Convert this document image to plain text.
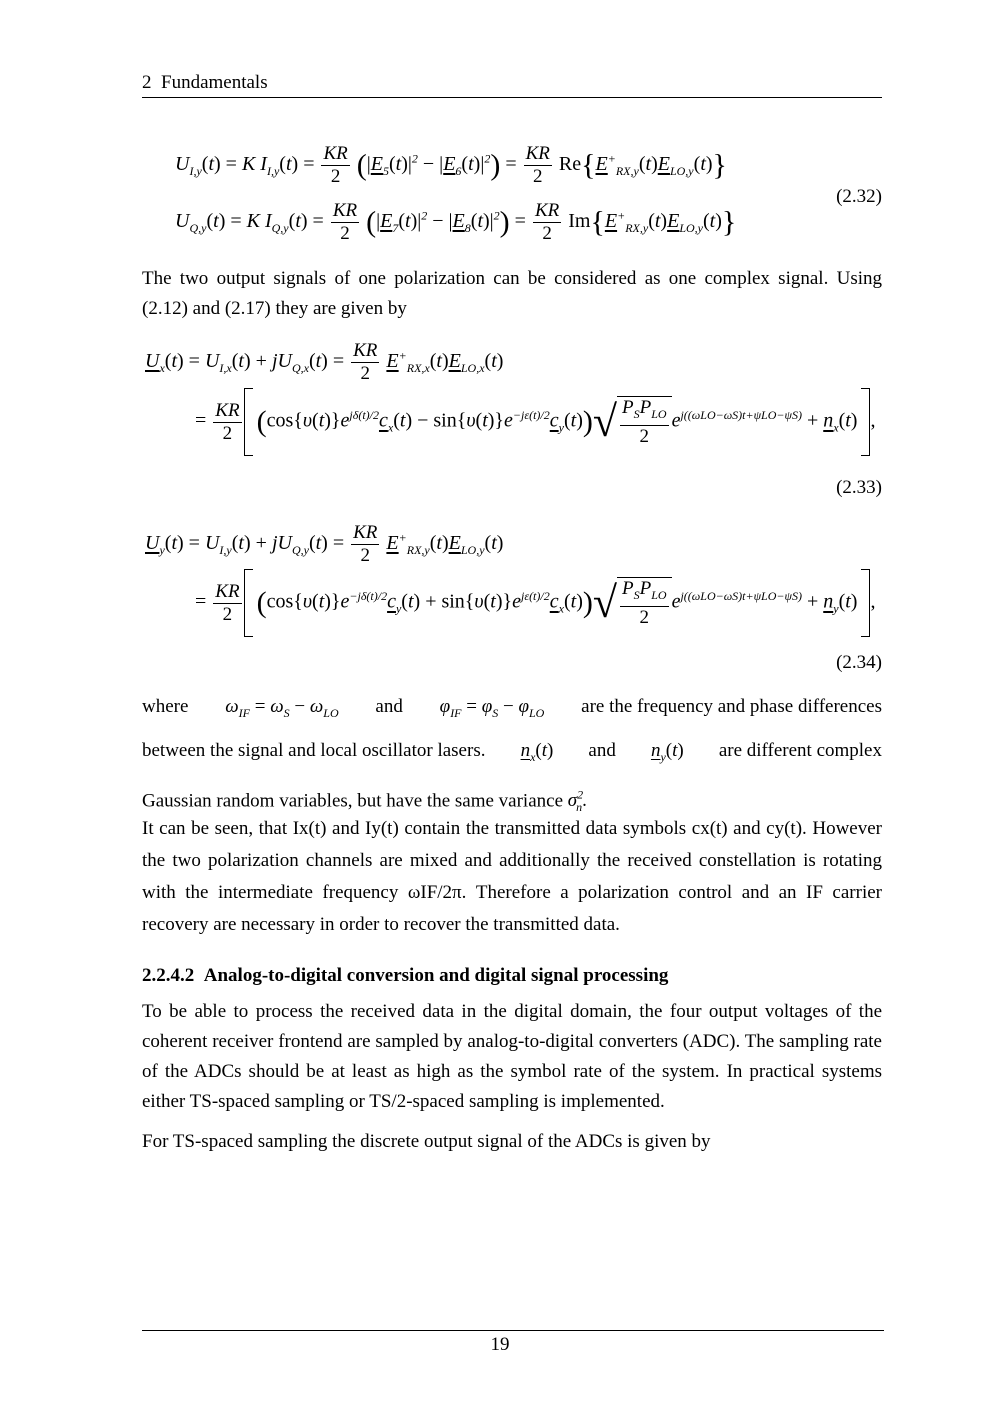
2 Fundamentals
$U_{I,y}(t) = K$ $I_{I,y}(t) = \frac{KR}{2} (|E_5(t)|^2 - |E_6(t)|^2) = \frac{KR}{2} Re\{E^+_{RX,y}(t)E_{LO,y}(t)\}$
$U_{Q,y}(t) = K$ $I_{Q,y}(t) = \frac{KR}{2} (|E_7(t)|^2 - |E_8(t)|^2) = \frac{KR}{2} Im\{E^+_{RX,y}(t)E_{LO,y}(t)\}$
(2.32)
The two output signals of one polarization can be considered as one complex signal. Using (2.12) and (2.17) they are given by
$U_x(t) = U_{I,x}(t) + jU_{Q,x}(t) = \frac{KR}{2} E^+_{RX,x}(t)E_{LO,x}(t)$
= $\frac{KR}{2} (\cos\{\upsilon(t)\}e^{j\delta(t)/2}c_x(t) - \sin\{\upsilon(t)\}e^{-j\varepsilon(t)/2}c_y(t))$ √ $P_SP_{LO}$
2
$e^{j((\omega LO-\omega S)t+\psi LO-\psi S)} + n_x(t)$ ,
(2.33)
$U_y(t) = U_{I,y}(t) + jU_{Q,y}(t) = \frac{KR}{2} E^+_{RX,y}(t)E_{LO,y}(t)$
= $\frac{KR}{2} (\cos\{\upsilon(t)\}e^{-j\delta(t)/2}c_y(t) + \sin\{\upsilon(t)\}e^{j\varepsilon(t)/2}c_x(t))$ √ $P_SP_{LO}$
2
$e^{j((\omega LO-\omega S)t+\psi LO-\psi S)} + n_y(t)$ ,
(2.34)
where $\omega_{IF} = \omega_S - \omega_{LO}$ and $\varphi_{IF} = \varphi_S - \varphi_{LO}$ are the frequency and phase differences
between the signal and local oscillator lasers. $n_x(t)$ and $n_y(t)$ are different complex
Gaussian random variables, but have the same variance $\sigma^2_n$.
It can be seen, that Ix(t) and Iy(t) contain the transmitted data symbols cx(t) and cy(t). However the two polarization channels are mixed and additionally the received constellation is rotating with the intermediate frequency ωIF/2π. Therefore a polarization control and an IF carrier recovery are necessary in order to recover the transmitted data.
2.2.4.2 Analog-to-digital conversion and digital signal processing
To be able to process the received data in the digital domain, the four output voltages of the coherent receiver frontend are sampled by analog-to-digital converters (ADC). The sampling rate of the ADCs should be at least as high as the symbol rate of the system. In practical systems either TS-spaced sampling or TS/2-spaced sampling is implemented.
For TS-spaced sampling the discrete output signal of the ADCs is given by
19
